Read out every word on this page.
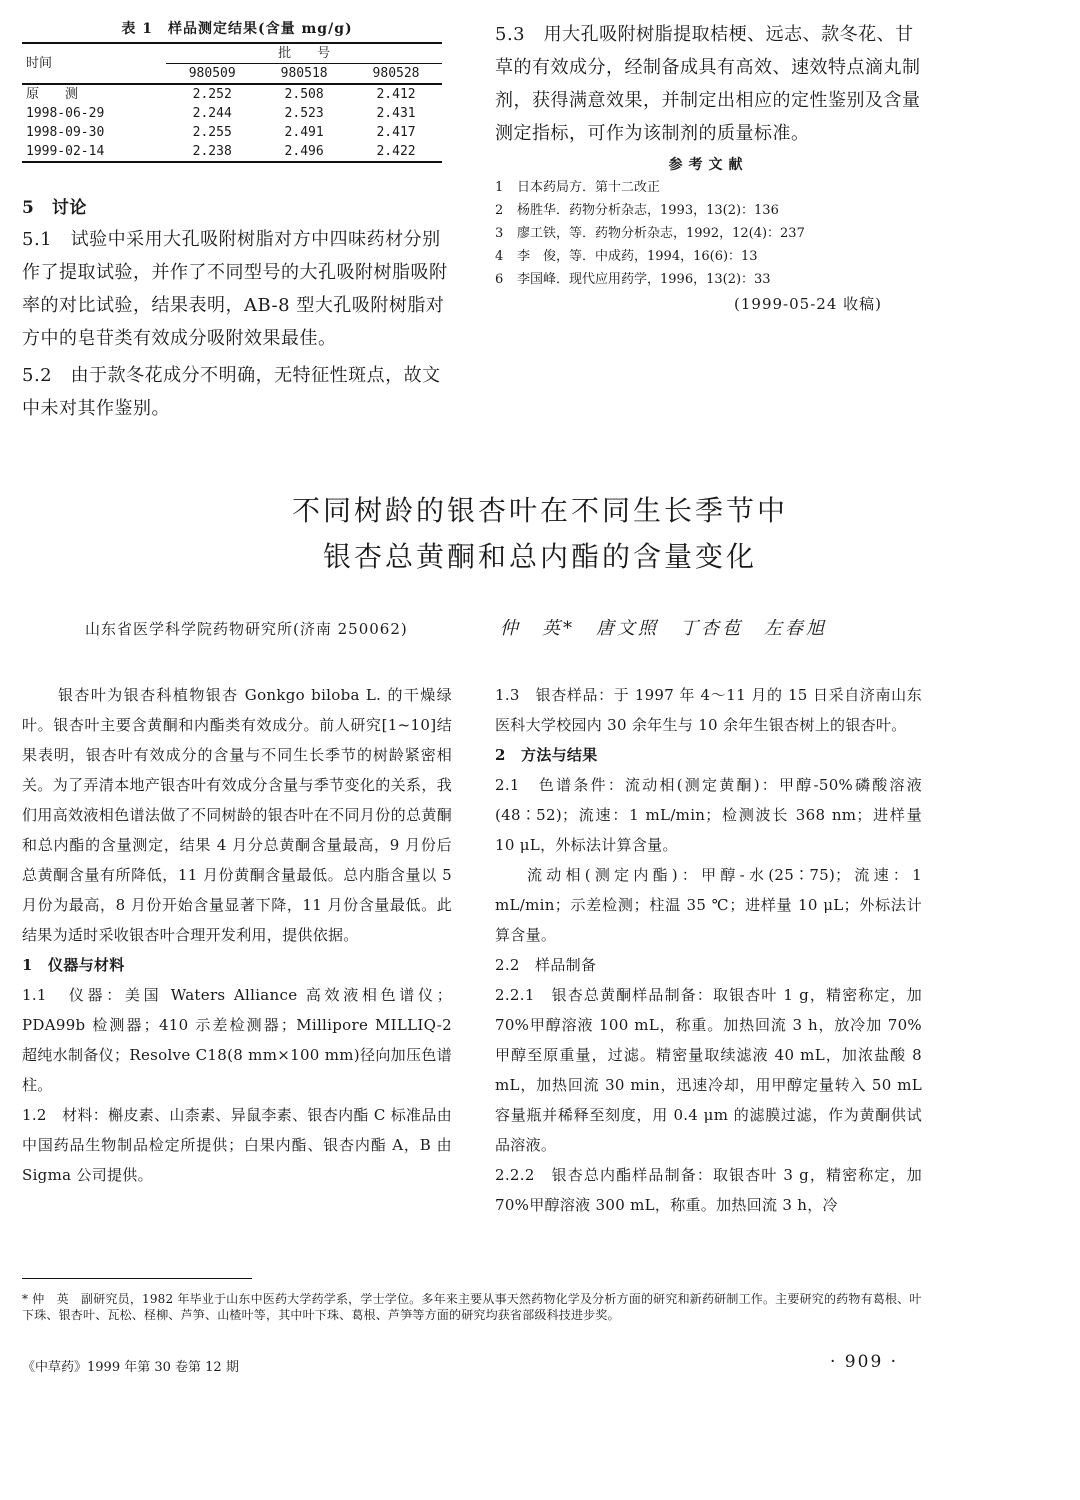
表 1　样品测定结果(含量 mg/g)

时间	批　　号		
	980509	980518	980528
原　　测	2.252	2.508	2.412
1998-06-29	2.244	2.523	2.431
1998-09-30	2.255	2.491	2.417
1999-02-14	2.238	2.496	2.422

5　讨论

5.1　试验中采用大孔吸附树脂对方中四味药材分别作了提取试验，并作了不同型号的大孔吸附树脂吸附率的对比试验，结果表明，AB-8 型大孔吸附树脂对方中的皂苷类有效成分吸附效果最佳。

5.2　由于款冬花成分不明确，无特征性斑点，故文中未对其作鉴别。

5.3　用大孔吸附树脂提取桔梗、远志、款冬花、甘草的有效成分，经制备成具有高效、速效特点滴丸制剂，获得满意效果，并制定出相应的定性鉴别及含量测定指标，可作为该制剂的质量标准。

参考文献

1 日本药局方．第十二改正

2 杨胜华．药物分析杂志，1993，13(2)：136

3 廖工铁，等．药物分析杂志，1992，12(4)：237

4 李　俊，等．中成药，1994，16(6)：13

6 李国峰．现代应用药学，1996，13(2)：33

(1999-05-24 收稿)

不同树龄的银杏叶在不同生长季节中
银杏总黄酮和总内酯的含量变化
山东省医学科学院药物研究所(济南 250062)	仲　英*　唐文照　丁杏苞　左春旭

银杏叶为银杏科植物银杏 Gonkgo biloba L. 的干燥绿叶。银杏叶主要含黄酮和内酯类有效成分。前人研究[1~10]结果表明，银杏叶有效成分的含量与不同生长季节的树龄紧密相关。为了弄清本地产银杏叶有效成分含量与季节变化的关系，我们用高效液相色谱法做了不同树龄的银杏叶在不同月份的总黄酮和总内酯的含量测定，结果 4 月分总黄酮含量最高，9 月份后总黄酮含量有所降低，11 月份黄酮含量最低。总内脂含量以 5 月份为最高，8 月份开始含量显著下降，11 月份含量最低。此结果为适时采收银杏叶合理开发利用，提供依据。

1　仪器与材料

1.1　仪器：美国 Waters Alliance 高效液相色谱仪；PDA99b 检测器；410 示差检测器；Millipore MILLIQ-2 超纯水制备仪；Resolve C18(8 mm×100 mm)径向加压色谱柱。

1.2　材料：槲皮素、山柰素、异鼠李素、银杏内酯 C 标准品由中国药品生物制品检定所提供；白果内酯、银杏内酯 A，B 由 Sigma 公司提供。

1.3　银杏样品：于 1997 年 4～11 月的 15 日采自济南山东医科大学校园内 30 余年生与 10 余年生银杏树上的银杏叶。

2　方法与结果

2.1　色谱条件：流动相(测定黄酮)：甲醇-50%磷酸溶液(48∶52)；流速：1 mL/min；检测波长 368 nm；进样量 10 μL，外标法计算含量。

流动相(测定内酯)：甲醇-水(25∶75)；流速：1 mL/min；示差检测；柱温 35 ℃；进样量 10 μL；外标法计算含量。

2.2　样品制备

2.2.1　银杏总黄酮样品制备：取银杏叶 1 g，精密称定，加 70%甲醇溶液 100 mL，称重。加热回流 3 h，放冷加 70%甲醇至原重量，过滤。精密量取续滤液 40 mL，加浓盐酸 8 mL，加热回流 30 min，迅速冷却，用甲醇定量转入 50 mL 容量瓶并稀释至刻度，用 0.4 μm 的滤膜过滤，作为黄酮供试品溶液。

2.2.2　银杏总内酯样品制备：取银杏叶 3 g，精密称定，加 70%甲醇溶液 300 mL，称重。加热回流 3 h，冷

* 仲　英　副研究员，1982 年毕业于山东中医药大学药学系，学士学位。多年来主要从事天然药物化学及分析方面的研究和新药研制工作。主要研究的药物有葛根、叶下珠、银杏叶、瓦松、柽柳、芦笋、山楂叶等，其中叶下珠、葛根、芦笋等方面的研究均获省部级科技进步奖。

《中草药》1999 年第 30 卷第 12 期	· 909 ·
